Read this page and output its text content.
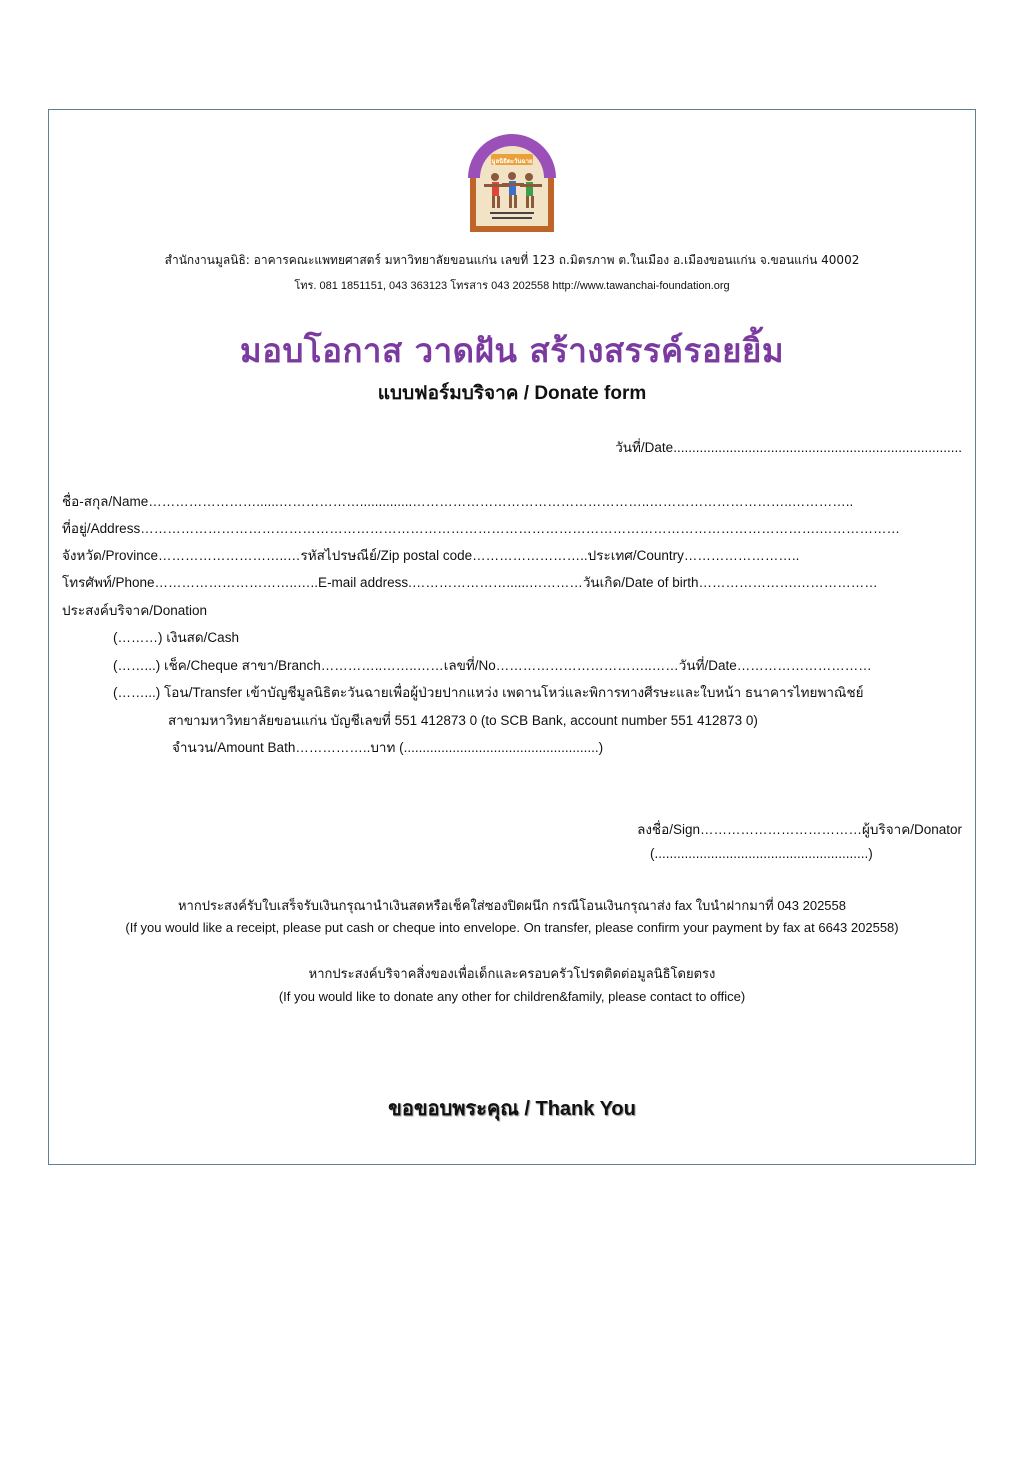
มูลนิธิตะวันฉาย
สำนักงานมูลนิธิ: อาคารคณะแพทยศาสตร์ มหาวิทยาลัยขอนแก่น เลขที่ 123 ถ.มิตรภาพ ต.ในเมือง อ.เมืองขอนแก่น จ.ขอนแก่น 40002
โทร. 081 1851151, 043 363123 โทรสาร 043 202558 http://www.tawanchai-foundation.org
มอบโอกาส วาดฝัน สร้างสรรค์รอยยิ้ม
แบบฟอร์มบริจาค / Donate form
วันที่/Date.............................................................................
ชื่อ-สกุล/Name……………………......………………..............……………………………………………..…………………………..…………..
ที่อยู่/Address…………………………………………………………………………………………………………………………………….………………
จังหวัด/Province………………………..…รหัสไปรษณีย์/Zip postal code……………………..ประเทศ/Country……………………..
โทรศัพท์/Phone…………………………..…..E-mail address.…………………......…………วันเกิด/Date of birth………………….………………
ประสงค์บริจาค/Donation
(………) เงินสด/Cash
(……...) เช็ค/Cheque สาขา/Branch…………..……..……เลขที่/No……………………………..……วันที่/Date…………………………
(……...) โอน/Transfer เข้าบัญชีมูลนิธิตะวันฉายเพื่อผู้ป่วยปากแหว่ง เพดานโหว่และพิการทางศีรษะและใบหน้า ธนาคารไทยพาณิชย์
สาขามหาวิทยาลัยขอนแก่น บัญชีเลขที่ 551 412873 0 (to SCB Bank, account number 551 412873 0)
จำนวน/Amount Bath……………..บาท (....................................................)
ลงชื่อ/Sign………………………………ผู้บริจาค/Donator
(.........................................................)
หากประสงค์รับใบเสร็จรับเงินกรุณานำเงินสดหรือเช็คใส่ซองปิดผนึก กรณีโอนเงินกรุณาส่ง fax ใบนำฝากมาที่ 043 202558
(If you would like a receipt, please put cash or cheque into envelope. On transfer, please confirm your payment by fax at 6643 202558)
หากประสงค์บริจาคสิ่งของเพื่อเด็กและครอบครัวโปรดติดต่อมูลนิธิโดยตรง
(If you would like to donate any other for children&family, please contact to office)
ขอขอบพระคุณ / Thank You
